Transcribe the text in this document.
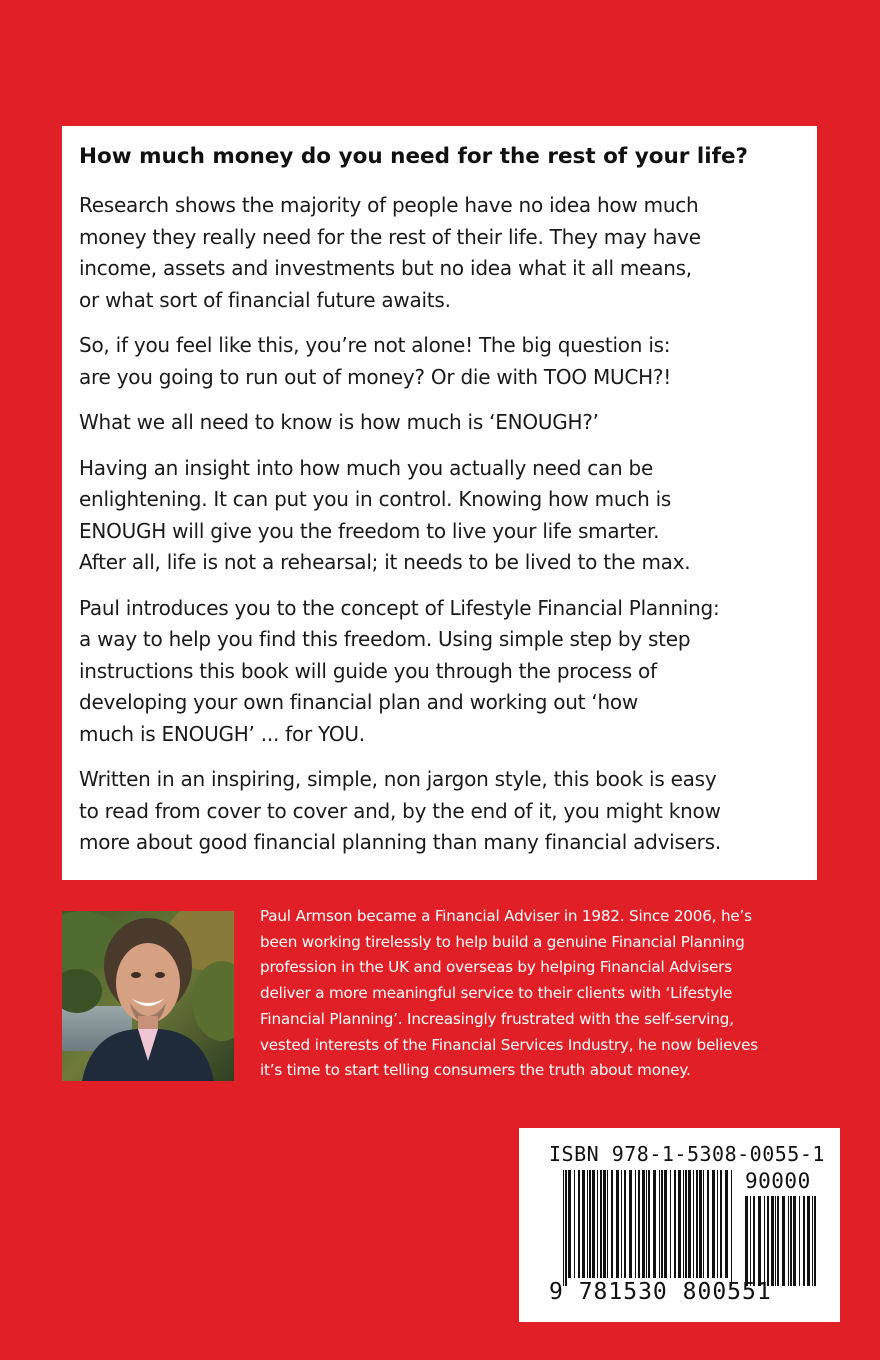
How much money do you need for the rest of your life?

Research shows the majority of people have no idea how much
money they really need for the rest of their life. They may have
income, assets and investments but no idea what it all means,
or what sort of financial future awaits.

So, if you feel like this, you’re not alone! The big question is:
are you going to run out of money? Or die with TOO MUCH?!

What we all need to know is how much is ‘ENOUGH?’

Having an insight into how much you actually need can be
enlightening. It can put you in control. Knowing how much is
ENOUGH will give you the freedom to live your life smarter.
After all, life is not a rehearsal; it needs to be lived to the max.

Paul introduces you to the concept of Lifestyle Financial Planning:
a way to help you find this freedom. Using simple step by step
instructions this book will guide you through the process of
developing your own financial plan and working out ‘how
much is ENOUGH’ ... for YOU.

Written in an inspiring, simple, non jargon style, this book is easy
to read from cover to cover and, by the end of it, you might know
more about good financial planning than many financial advisers.

Paul Armson became a Financial Adviser in 1982. Since 2006, he’s
been working tirelessly to help build a genuine Financial Planning
profession in the UK and overseas by helping Financial Advisers
deliver a more meaningful service to their clients with ‘Lifestyle
Financial Planning’. Increasingly frustrated with the self-serving,
vested interests of the Financial Services Industry, he now believes
it’s time to start telling consumers the truth about money.

ISBN 978-1-5308-0055-1
90000
9 781530 800551
